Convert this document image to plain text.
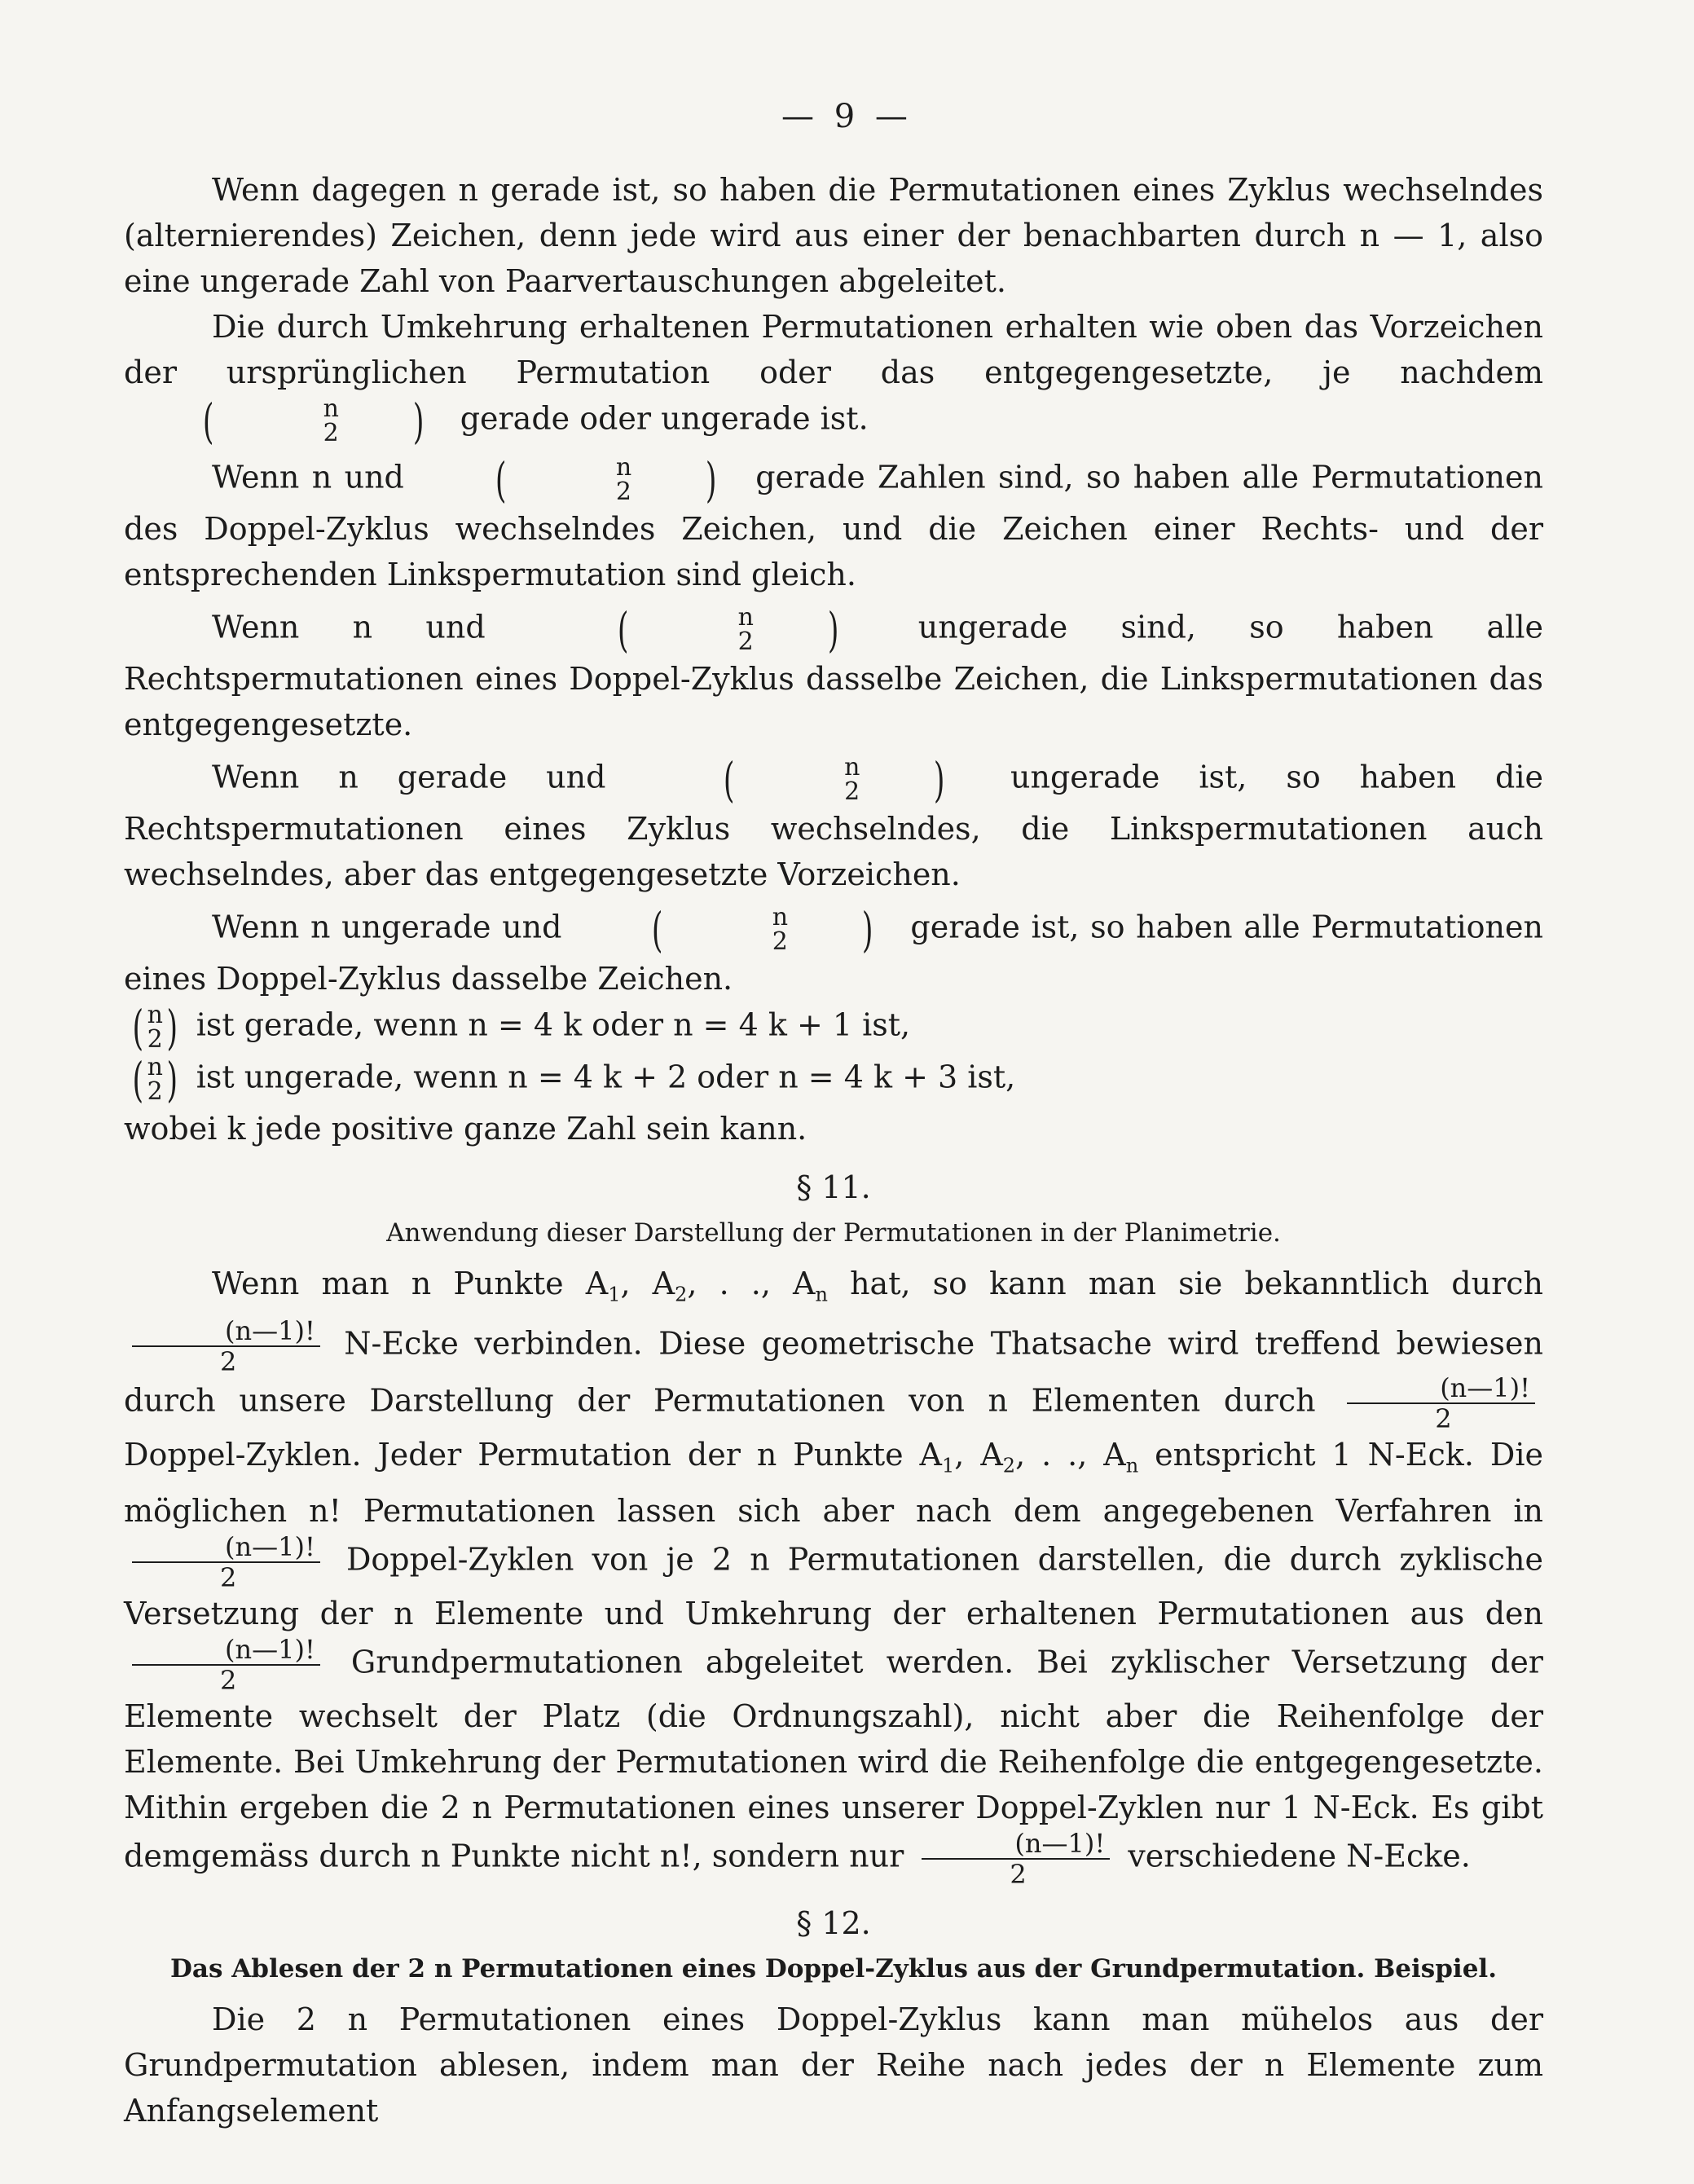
— 9 —

Wenn dagegen n gerade ist, so haben die Permutationen eines Zyklus wechselndes (alternierendes) Zeichen, denn jede wird aus einer der benachbarten durch n — 1, also eine ungerade Zahl von Paarvertauschungen abgeleitet.

Die durch Umkehrung erhaltenen Permutationen erhalten wie oben das Vorzeichen der ursprünglichen Permutation oder das entgegengesetzte, je nachdem
(	n
2	) gerade oder ungerade ist.

Wenn n und	(	n
2	) gerade Zahlen sind, so haben alle Permutationen des Doppel-Zyklus wechselndes Zeichen, und die Zeichen einer Rechts- und der entsprechenden Linkspermutation sind gleich.

Wenn n und	(	n
2	)	ungerade sind, so haben alle Rechtspermutationen eines Doppel-Zyklus dasselbe Zeichen, die Linkspermutationen das entgegengesetzte.

Wenn n gerade und	(	n
2	) ungerade ist, so haben die Rechtspermutationen eines Zyklus wechselndes, die Linkspermutationen auch wechselndes, aber das entgegengesetzte Vorzeichen.

Wenn n ungerade und	(	n
2	) gerade ist, so haben alle Permutationen eines Doppel-Zyklus dasselbe Zeichen.

( n
2 ) ist gerade, wenn n = 4 k oder n = 4 k + 1 ist,

( n
2 ) ist ungerade, wenn n = 4 k + 2 oder n = 4 k + 3 ist,

wobei k jede positive ganze Zahl sein kann.

§ 11.
Anwendung dieser Darstellung der Permutationen in der Planimetrie.

Wenn man n Punkte $A_1$, $A_2$, . ., $A_n$ hat, so kann man sie bekanntlich durch
$\frac{(n—1)!}{2}$ N-Ecke verbinden. Diese geometrische Thatsache wird treffend bewiesen durch unsere Darstellung der Permutationen von n Elementen durch $\frac{(n—1)!}{2}$
Doppel-Zyklen. Jeder Permutation der n Punkte $A_1$, $A_2$, . ., $A_n$ entspricht 1 N-Eck. Die möglichen n! Permutationen lassen sich aber nach dem angegebenen Verfahren in
$\frac{(n—1)!}{2}$ Doppel-Zyklen von je 2 n Permutationen darstellen, die durch zyklische Versetzung der n Elemente und Umkehrung der erhaltenen Permutationen aus den
$\frac{(n—1)!}{2}$ Grundpermutationen abgeleitet werden. Bei zyklischer Versetzung der Elemente wechselt der Platz (die Ordnungszahl), nicht aber die Reihenfolge der Elemente. Bei Umkehrung der Permutationen wird die Reihenfolge die entgegengesetzte. Mithin ergeben die 2 n Permutationen eines unserer Doppel-Zyklen nur 1 N-Eck. Es gibt demgemäss durch n Punkte nicht n!, sondern nur $\frac{(n—1)!}{2}$ verschiedene N-Ecke.

§ 12.
Das Ablesen der 2 n Permutationen eines Doppel-Zyklus aus der Grundpermutation. Beispiel.

Die 2 n Permutationen eines Doppel-Zyklus kann man mühelos aus der Grundpermutation ablesen, indem man der Reihe nach jedes der n Elemente zum Anfangselement
